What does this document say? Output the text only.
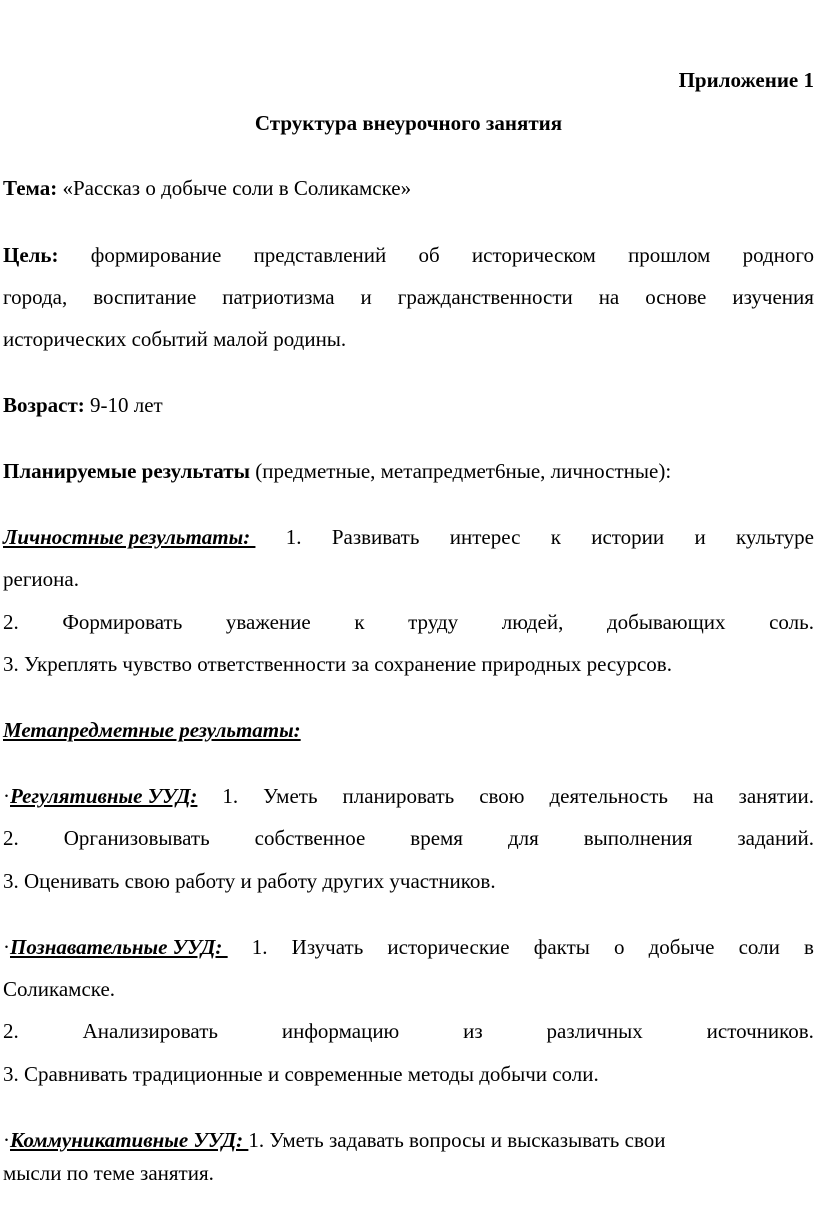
Приложение 1
Структура внеурочного занятия
Тема: «Рассказ о добыче соли в Соликамске»
Цель: формирование представлений об историческом прошлом родного
города, воспитание патриотизма и гражданственности на основе изучения
исторических событий малой родины.
Возраст: 9-10 лет
Планируемые результаты (предметные, метапредмет6ные, личностные):
Личностные результаты: 1. Развивать интерес к истории и культуре
региона.
2. Формировать уважение к труду людей, добывающих соль.
3. Укреплять чувство ответственности за сохранение природных ресурсов.
Метапредметные результаты:
·Регулятивные УУД: 1. Уметь планировать свою деятельность на занятии.
2. Организовывать собственное время для выполнения заданий.
3. Оценивать свою работу и работу других участников.
·Познавательные УУД: 1. Изучать исторические факты о добыче соли в
Соликамске.
2.	Анализировать	информацию	из	различных	источников.
3. Сравнивать традиционные и современные методы добычи соли.
·Коммуникативные УУД: 1. Уметь задавать вопросы и высказывать свои
мысли по теме занятия.
